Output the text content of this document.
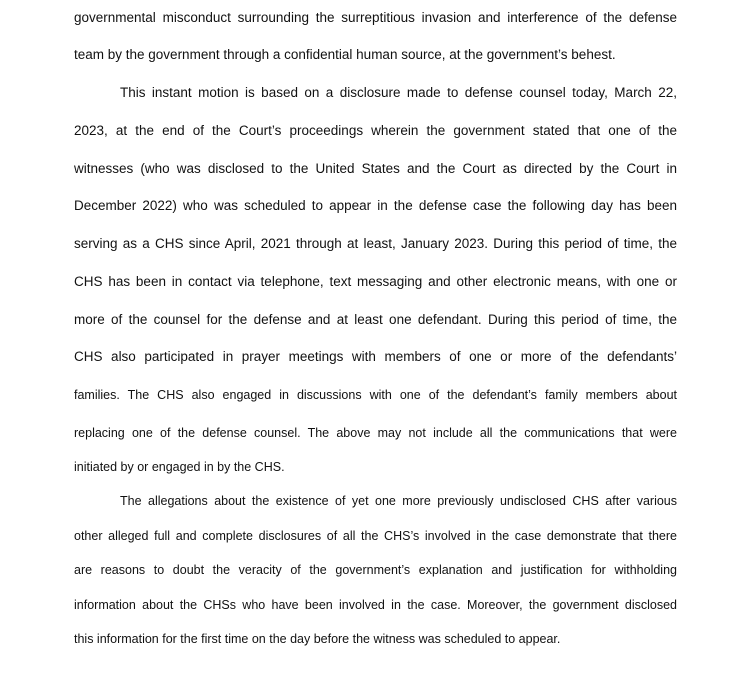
governmental misconduct surrounding the surreptitious invasion and interference of the defense
team by the government through a confidential human source, at the government’s behest.
This instant motion is based on a disclosure made to defense counsel today, March 22,
2023, at the end of the Court’s proceedings wherein the government stated that one of the
witnesses (who was disclosed to the United States and the Court as directed by the Court in
December 2022) who was scheduled to appear in the defense case the following day has been
serving as a CHS since April, 2021 through at least, January 2023. During this period of time, the
CHS has been in contact via telephone, text messaging and other electronic means, with one or
more of the counsel for the defense and at least one defendant. During this period of time, the
CHS also participated in prayer meetings with members of one or more of the defendants’
families. The CHS also engaged in discussions with one of the defendant’s family members about
replacing one of the defense counsel. The above may not include all the communications that were
initiated by or engaged in by the CHS.
The allegations about the existence of yet one more previously undisclosed CHS after various
other alleged full and complete disclosures of all the CHS’s involved in the case demonstrate that there
are reasons to doubt the veracity of the government’s explanation and justification for withholding
information about the CHSs who have been involved in the case. Moreover, the government disclosed
this information for the first time on the day before the witness was scheduled to appear.
